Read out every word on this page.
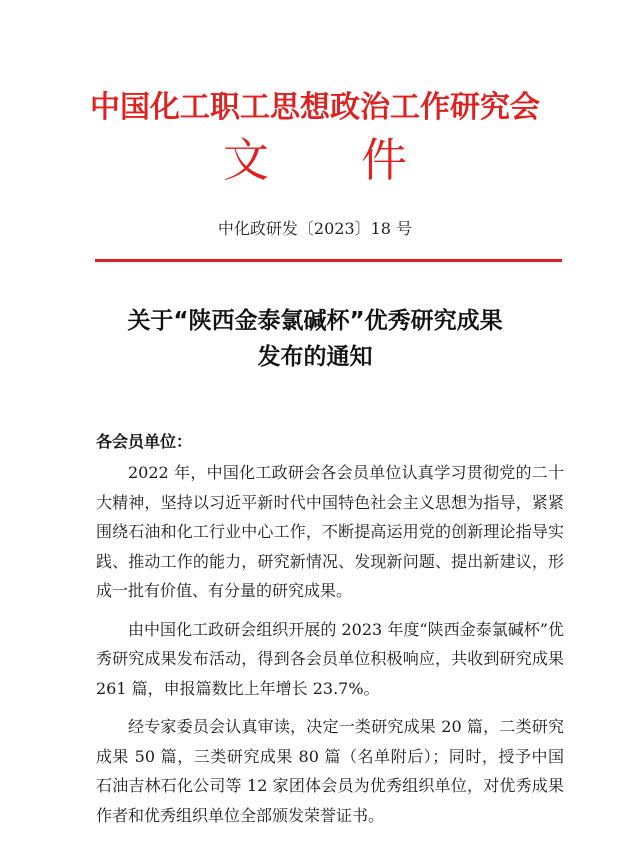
中国化工职工思想政治工作研究会
文 件
中化政研发〔2023〕18 号
关于“陕西金泰氯碱杯”优秀研究成果
发布的通知
各会员单位：

2022 年，中国化工政研会各会员单位认真学习贯彻党的二十大精神，坚持以习近平新时代中国特色社会主义思想为指导，紧紧围绕石油和化工行业中心工作，不断提高运用党的创新理论指导实践、推动工作的能力，研究新情况、发现新问题、提出新建议，形成一批有价值、有分量的研究成果。

由中国化工政研会组织开展的 2023 年度“陕西金泰氯碱杯”优秀研究成果发布活动，得到各会员单位积极响应，共收到研究成果 261 篇，申报篇数比上年增长 23.7%。

经专家委员会认真审读，决定一类研究成果 20 篇，二类研究成果 50 篇，三类研究成果 80 篇（名单附后）；同时，授予中国石油吉林石化公司等 12 家团体会员为优秀组织单位，对优秀成果作者和优秀组织单位全部颁发荣誉证书。
